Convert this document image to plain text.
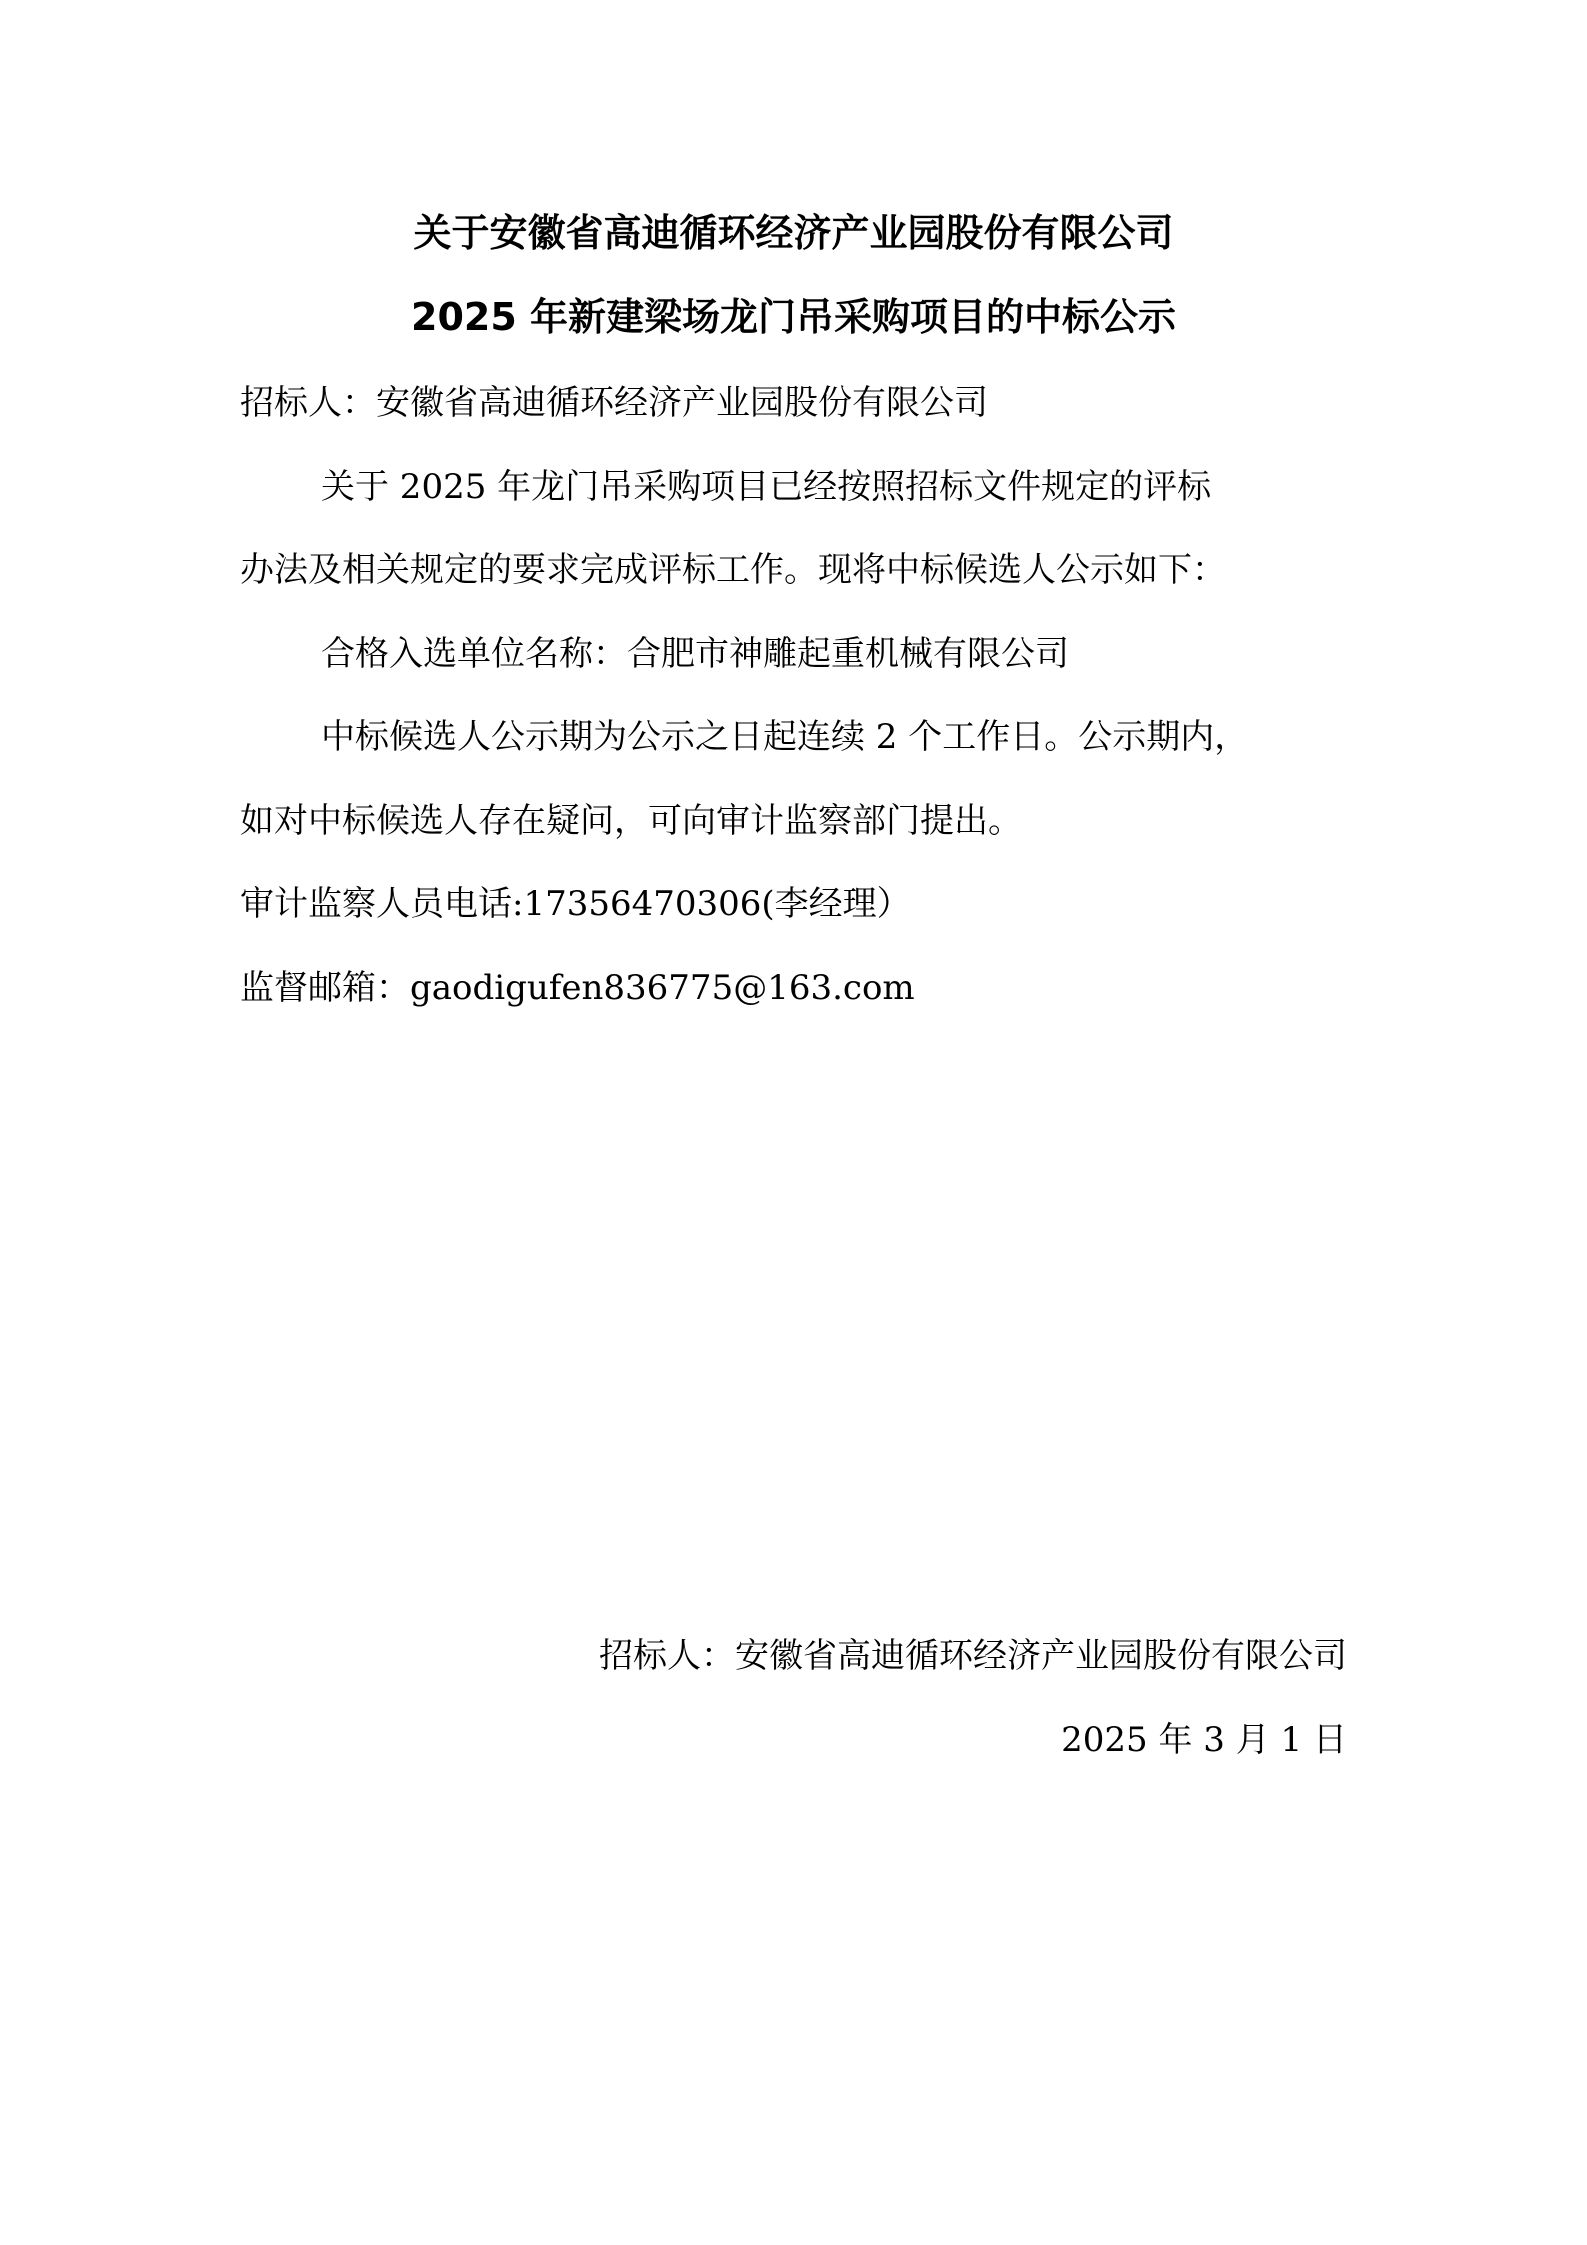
关于安徽省高迪循环经济产业园股份有限公司
2025 年新建梁场龙门吊采购项目的中标公示
招标人：安徽省高迪循环经济产业园股份有限公司
关于 2025 年龙门吊采购项目已经按照招标文件规定的评标
办法及相关规定的要求完成评标工作。现将中标候选人公示如下：
合格入选单位名称：合肥市神雕起重机械有限公司
中标候选人公示期为公示之日起连续 2 个工作日。公示期内，
如对中标候选人存在疑问，可向审计监察部门提出。
审计监察人员电话:17356470306(李经理）
监督邮箱：gaodigufen836775@163.com
招标人：安徽省高迪循环经济产业园股份有限公司
2025 年 3 月 1 日
